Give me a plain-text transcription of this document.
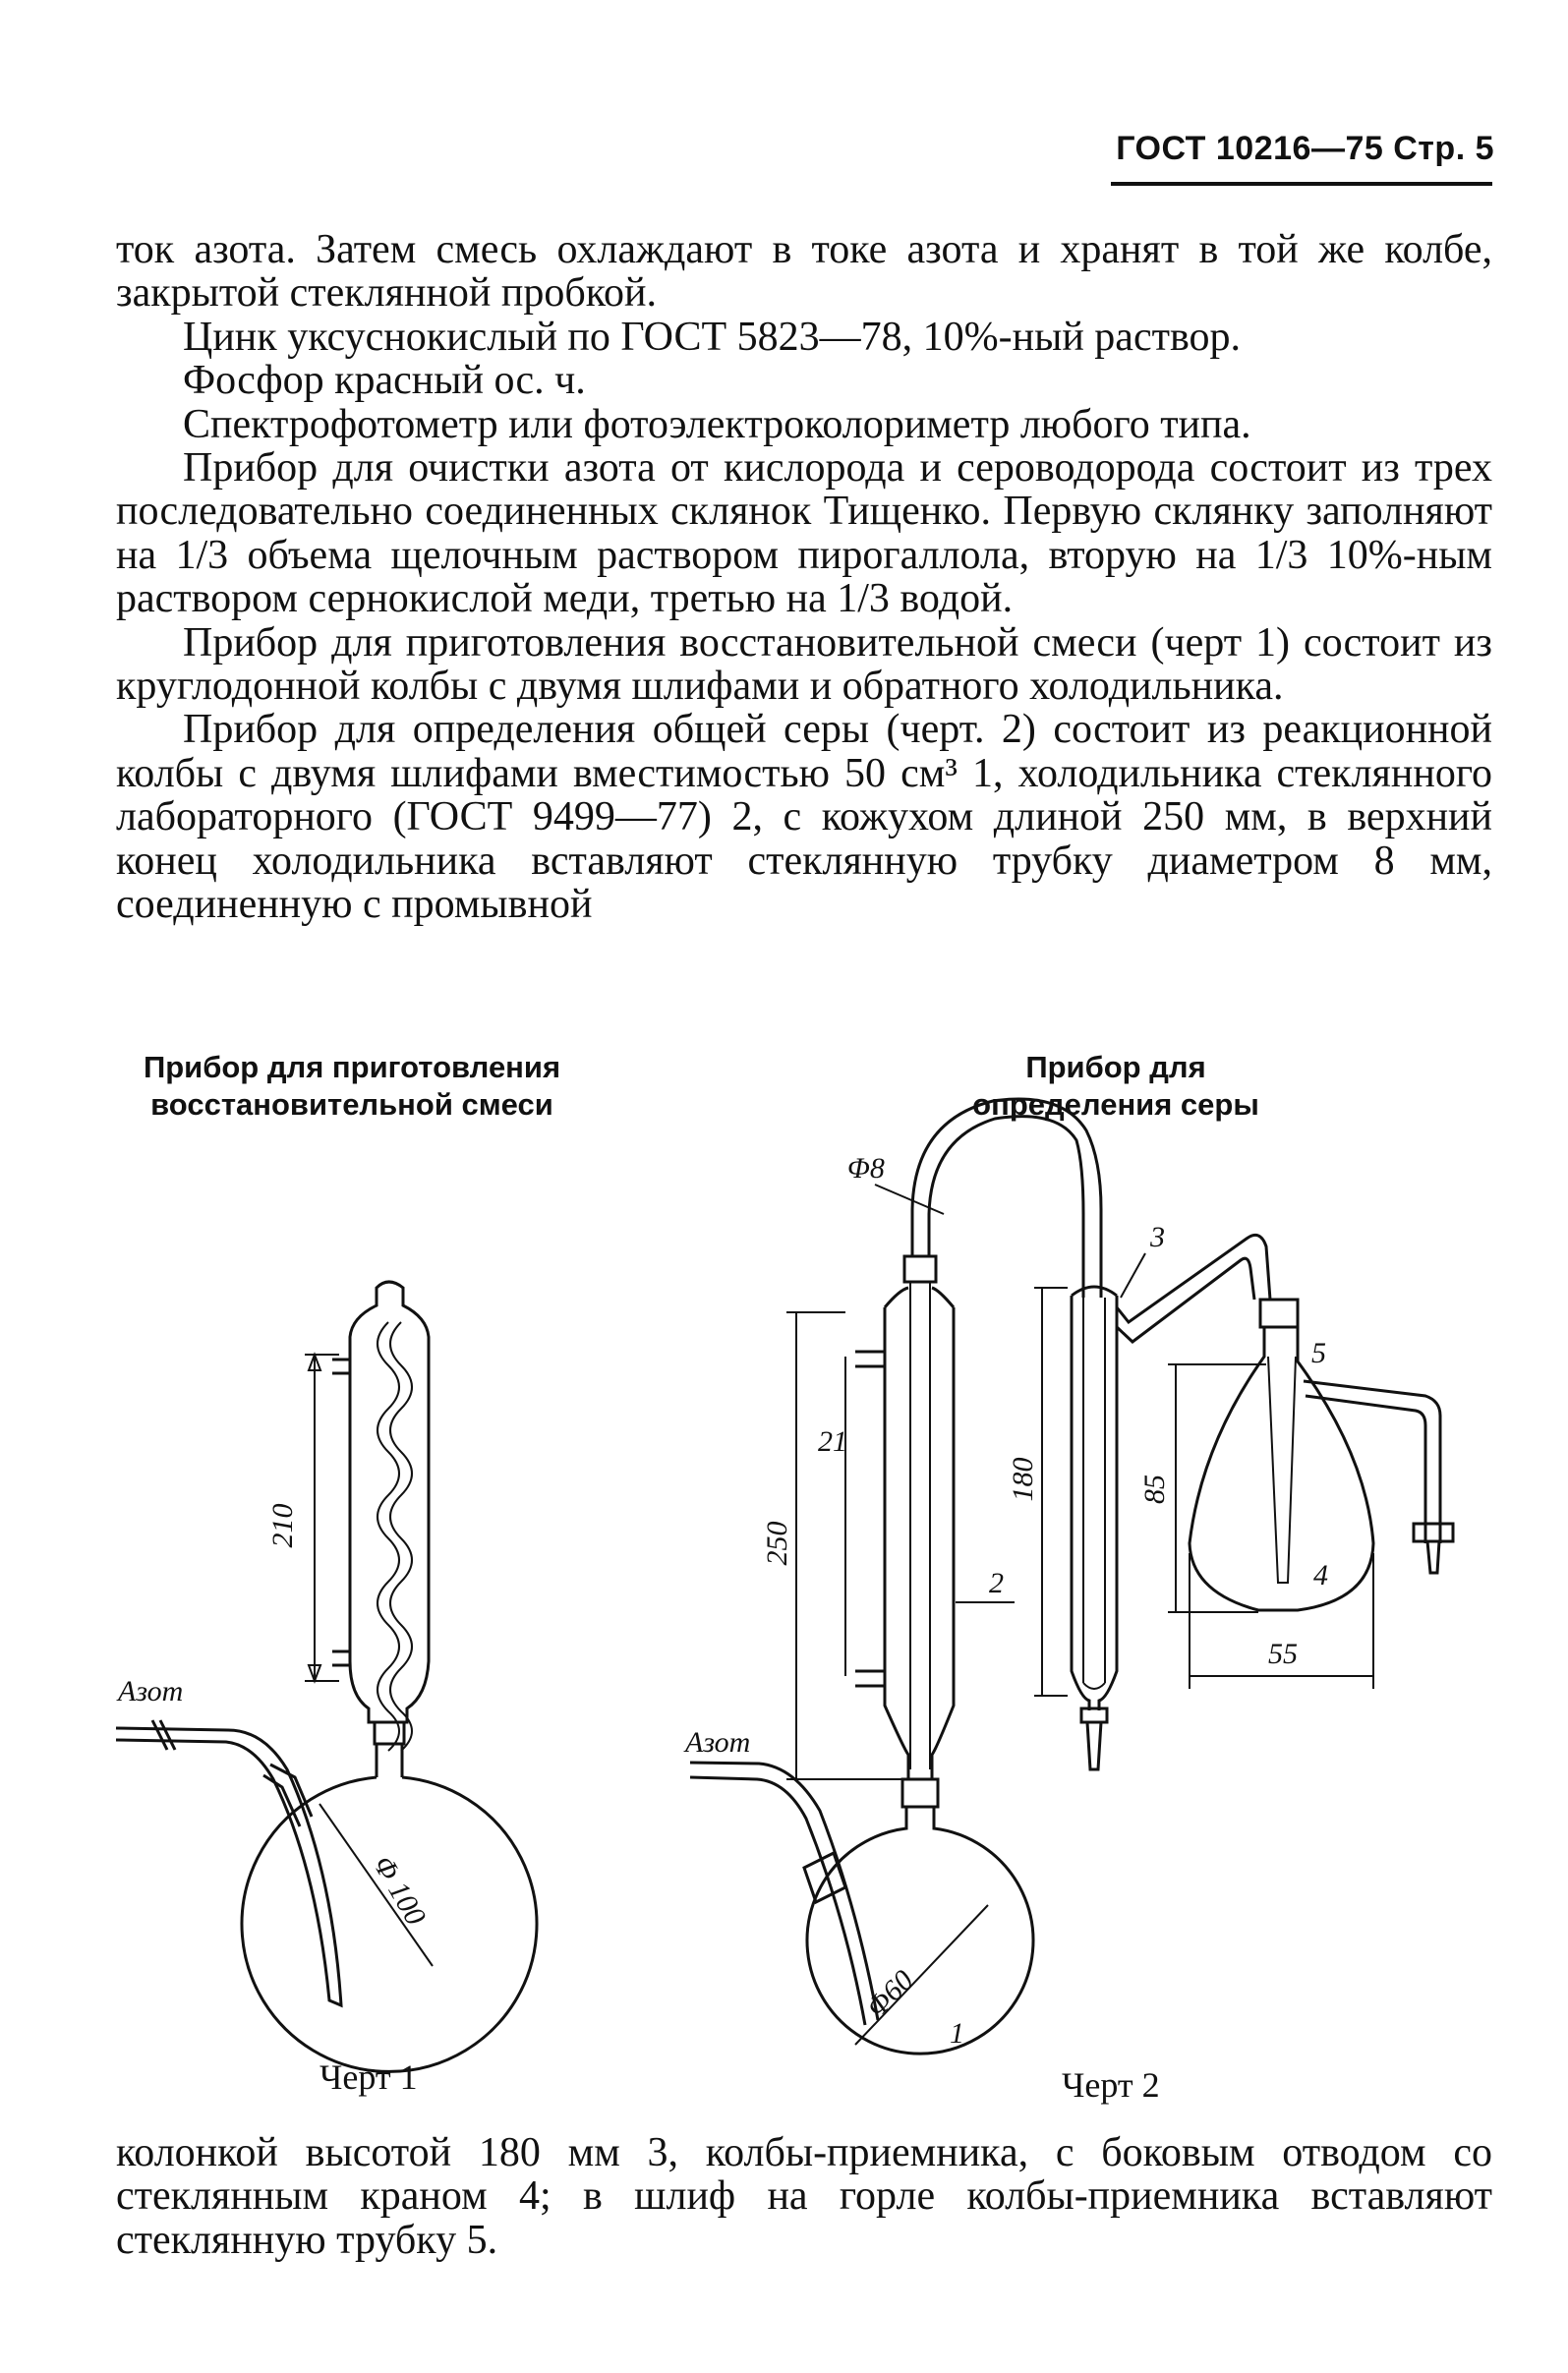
ГОСТ 10216—75 Стр. 5

ток азота. Затем смесь охлаждают в токе азота и хранят в той же колбе, закрытой стеклянной пробкой.

Цинк уксуснокислый по ГОСТ 5823—78, 10%-ный раствор.

Фосфор красный ос. ч.

Спектрофотометр или фотоэлектроколориметр любого типа.

Прибор для очистки азота от кислорода и сероводорода состоит из трех последовательно соединенных склянок Тищенко. Первую склянку заполняют на 1/3 объема щелочным раствором пирогаллола, вторую на 1/3 10%-ным раствором сернокислой меди, третью на 1/3 водой.

Прибор для приготовления восстановительной смеси (черт 1) состоит из круглодонной колбы с двумя шлифами и обратного холодильника.

Прибор для определения общей серы (черт. 2) состоит из реакционной колбы с двумя шлифами вместимостью 50 см³ 1, холодильника стеклянного лабораторного (ГОСТ 9499—77) 2, с кожухом длиной 250 мм, в верхний конец холодильника вставляют стеклянную трубку диаметром 8 мм, соединенную с промывной

Прибор для приготовления восстановительной смеси
Прибор для определения серы
210
Азот
Φ 100
Φ8
250
21
Азот
Φ60
1
2
180
3
5
4
85
55
Черт 1	Черт 2

колонкой высотой 180 мм 3, колбы-приемника, с боковым отводом со стеклянным краном 4; в шлиф на горле колбы-приемника вставляют стеклянную трубку 5.
